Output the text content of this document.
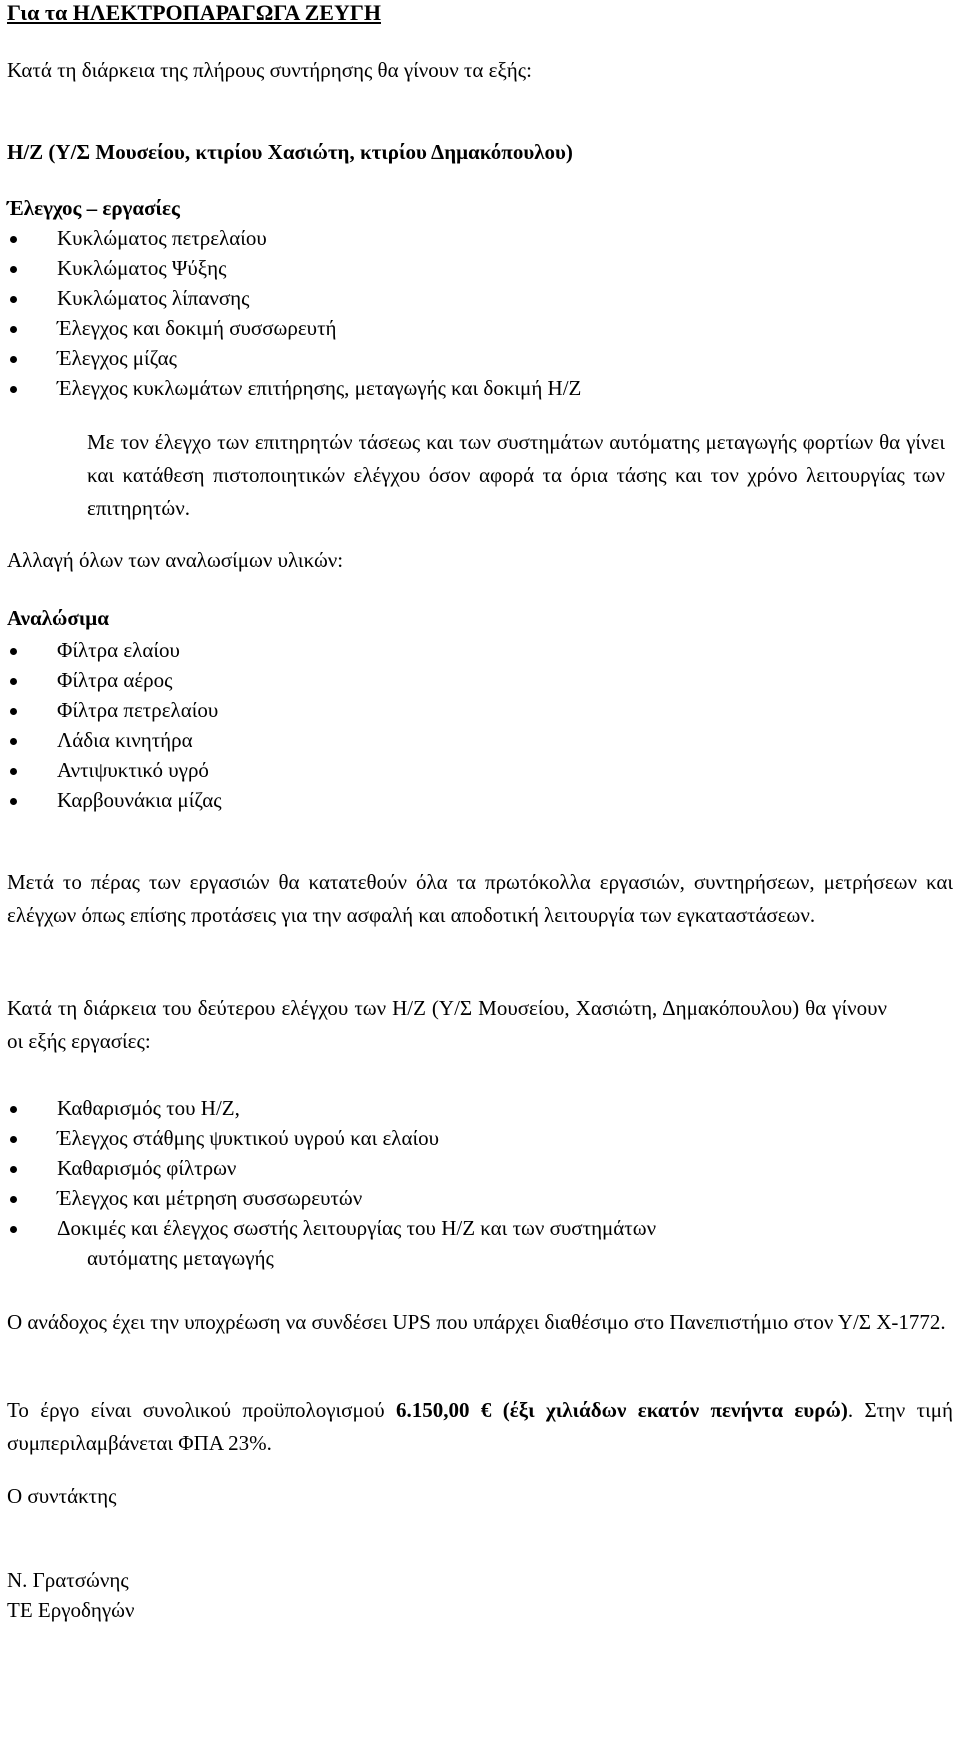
Για τα ΗΛΕΚΤΡΟΠΑΡΑΓΩΓΑ ΖΕΥΓΗ
Κατά τη διάρκεια της πλήρους συντήρησης θα γίνουν τα εξής:
Η/Ζ (Υ/Σ Μουσείου, κτιρίου Χασιώτη, κτιρίου Δημακόπουλου)
Έλεγχος – εργασίες
Κυκλώματος πετρελαίου
Κυκλώματος Ψύξης
Κυκλώματος λίπανσης
Έλεγχος και δοκιμή συσσωρευτή
Έλεγχος μίζας
Έλεγχος κυκλωμάτων επιτήρησης, μεταγωγής και δοκιμή Η/Ζ
Με τον έλεγχο των επιτηρητών τάσεως και των συστημάτων αυτόματης μεταγωγής φορτίων θα γίνει και κατάθεση πιστοποιητικών ελέγχου όσον αφορά τα όρια τάσης και τον χρόνο λειτουργίας των επιτηρητών.
Αλλαγή όλων των αναλωσίμων υλικών:
Αναλώσιμα
Φίλτρα ελαίου
Φίλτρα αέρος
Φίλτρα πετρελαίου
Λάδια κινητήρα
Αντιψυκτικό υγρό
Καρβουνάκια μίζας
Μετά το πέρας των εργασιών θα κατατεθούν όλα τα πρωτόκολλα εργασιών, συντηρήσεων, μετρήσεων και ελέγχων όπως επίσης προτάσεις για την ασφαλή και αποδοτική λειτουργία των εγκαταστάσεων.
Κατά τη διάρκεια του δεύτερου ελέγχου των Η/Ζ (Υ/Σ Μουσείου, Χασιώτη, Δημακόπουλου) θα γίνουν οι εξής εργασίες:
Καθαρισμός του Η/Ζ,
Έλεγχος στάθμης ψυκτικού υγρού και ελαίου
Καθαρισμός φίλτρων
Έλεγχος και μέτρηση συσσωρευτών
Δοκιμές και έλεγχος σωστής λειτουργίας του Η/Ζ και των συστημάτων
αυτόματης μεταγωγής
Ο ανάδοχος έχει την υποχρέωση να συνδέσει UPS που υπάρχει διαθέσιμο στο Πανεπιστήμιο στον Υ/Σ Χ-1772.
Το έργο είναι συνολικού προϋπολογισμού 6.150,00 € (έξι χιλιάδων εκατόν πενήντα ευρώ). Στην τιμή συμπεριλαμβάνεται ΦΠΑ 23%.
Ο συντάκτης
Ν. Γρατσώνης
ΤΕ Εργοδηγών
